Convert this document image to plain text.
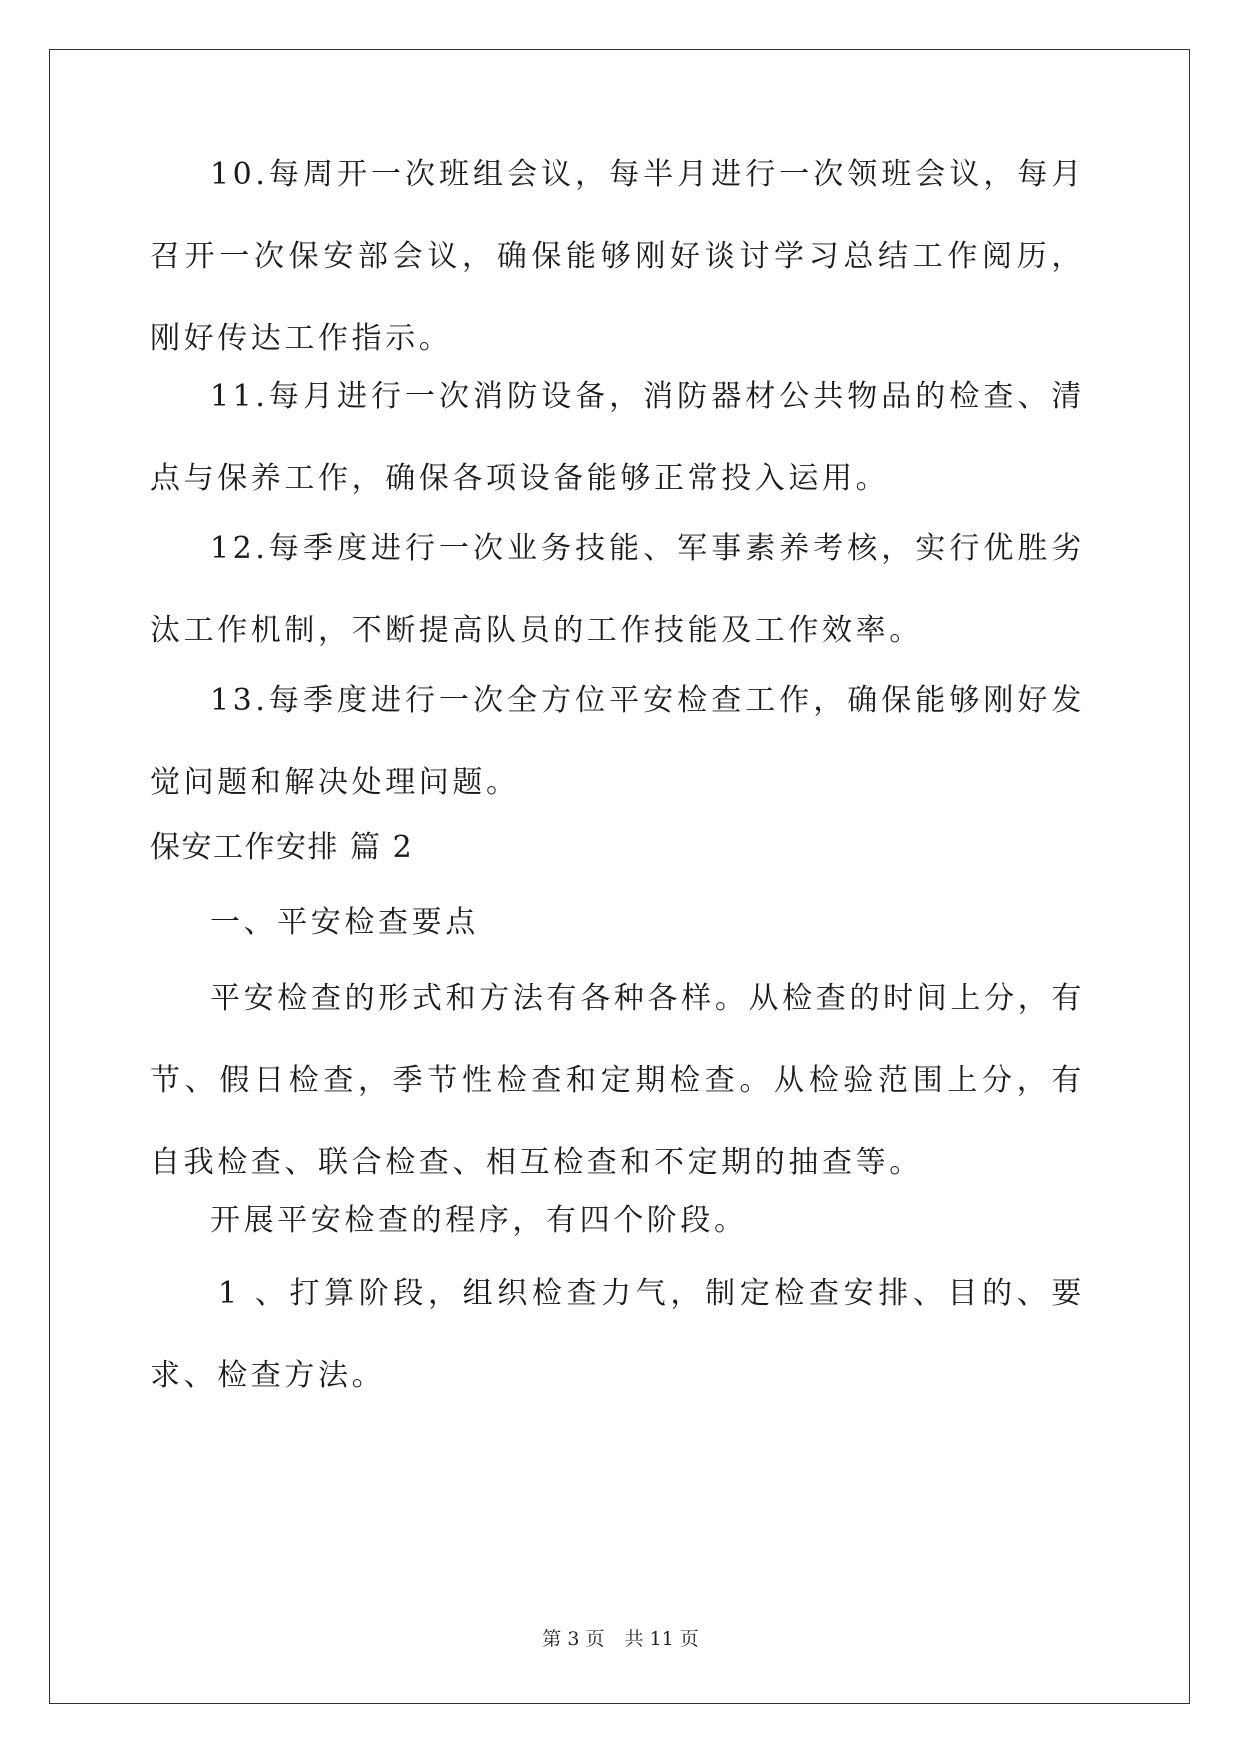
10.每周开一次班组会议，每半月进行一次领班会议，每月召开一次保安部会议，确保能够刚好谈讨学习总结工作阅历，刚好传达工作指示。

11.每月进行一次消防设备，消防器材公共物品的检查、清点与保养工作，确保各项设备能够正常投入运用。

12.每季度进行一次业务技能、军事素养考核，实行优胜劣汰工作机制，不断提高队员的工作技能及工作效率。

13.每季度进行一次全方位平安检查工作，确保能够刚好发觉问题和解决处理问题。

保安工作安排 篇 2

一、平安检查要点

平安检查的形式和方法有各种各样。从检查的时间上分，有节、假日检查，季节性检查和定期检查。从检验范围上分，有自我检查、联合检查、相互检查和不定期的抽查等。

开展平安检查的程序，有四个阶段。

1 、打算阶段，组织检查力气，制定检查安排、目的、要求、检查方法。

第 3 页 共 11 页
